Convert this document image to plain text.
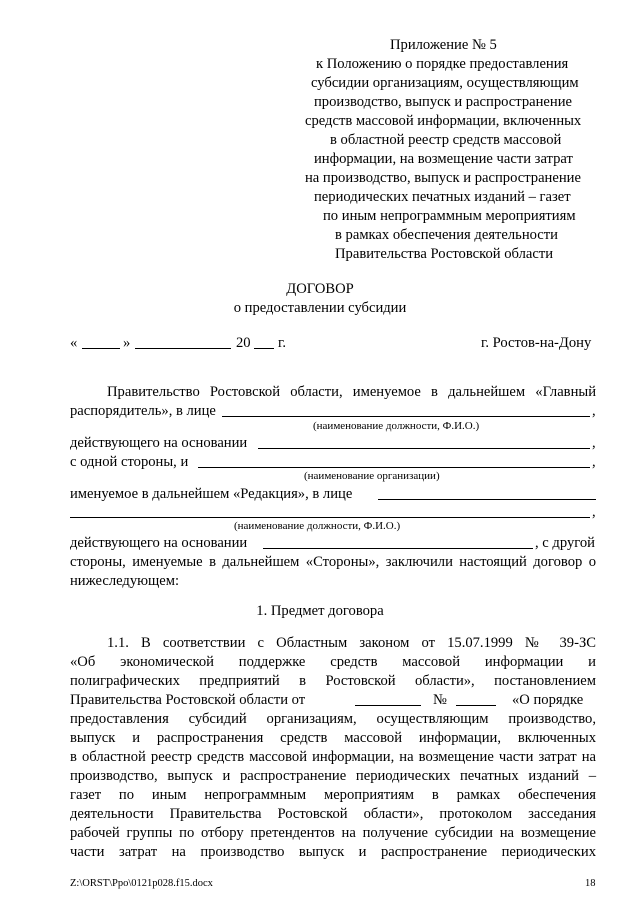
Приложение № 5
к Положению о порядке предоставления
субсидии организациям, осуществляющим
производство, выпуск и распространение
средств массовой информации, включенных
в областной реестр средств массовой
информации, на возмещение части затрат
на производство, выпуск и распространение
периодических печатных изданий – газет
по иным непрограммным мероприятиям
в рамках обеспечения деятельности
Правительства Ростовской области
ДОГОВОР
о предоставлении субсидии
«	»	20 г.	г. Ростов-на-Дону
Правительство Ростовской области, именуемое в дальнейшем «Главный
распорядитель», в лице	,
(наименование должности, Ф.И.О.)
действующего на основании	,
с одной стороны, и	,
(наименование организации)
именуемое в дальнейшем «Редакция», в лице
,
(наименование должности, Ф.И.О.)
действующего на основании	, с другой
стороны, именуемые в дальнейшем «Стороны», заключили настоящий договор о
нижеследующем:
1. Предмет договора
1.1. В соответствии с Областным законом от 15.07.1999 № 39-ЗС
«Об экономической поддержке средств массовой информации и
полиграфических предприятий в Ростовской области», постановлением
Правительства Ростовской области от	№	«О порядке
предоставления субсидий организациям, осуществляющим производство,
выпуск и распространения средств массовой информации, включенных
в областной реестр средств массовой информации, на возмещение части затрат на
производство, выпуск и распространение периодических печатных изданий –
газет по иным непрограммным мероприятиям в рамках обеспечения
деятельности Правительства Ростовской области», протоколом засседания
рабочей группы по отбору претендентов на получение субсидии на возмещение
части затрат на производство выпуск и распространение периодических
Z:\ORST\Ppo\0121p028.f15.docx	18
